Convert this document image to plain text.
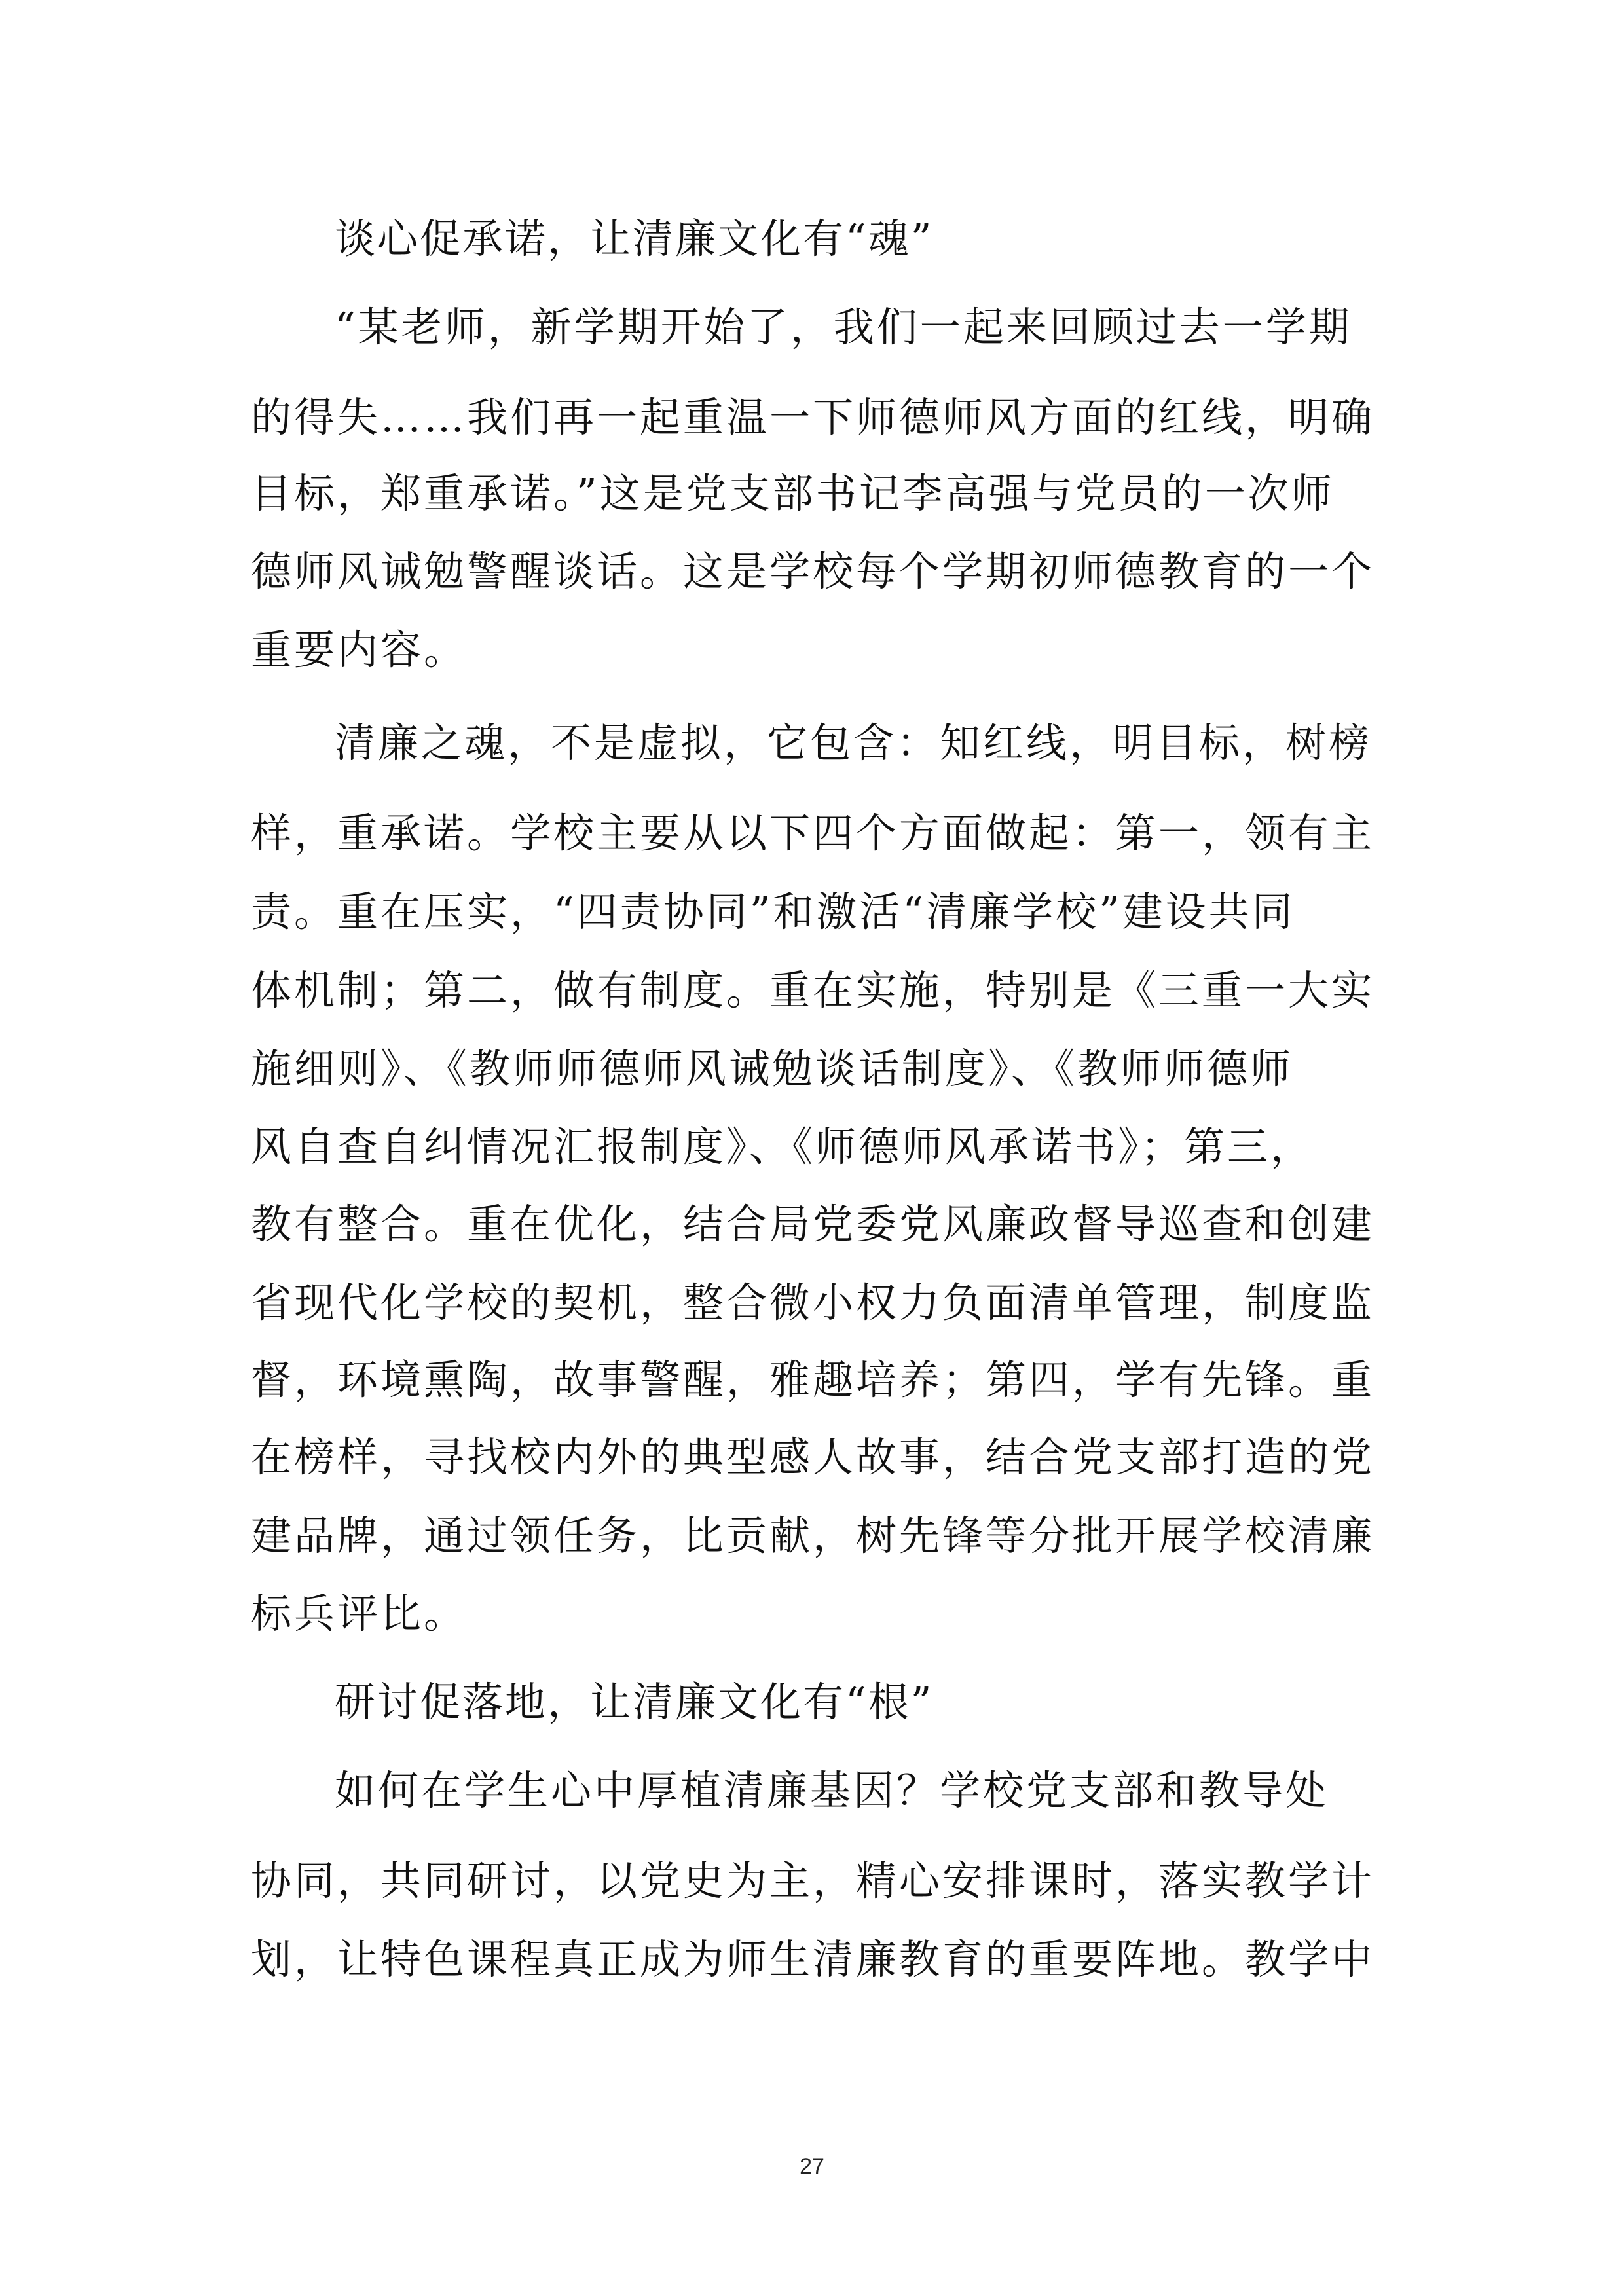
谈心促承诺，让清廉文化有“魂”

“某老师，新学期开始了，我们一起来回顾过去一学期

的得失……我们再一起重温一下师德师风方面的红线，明确

目标，郑重承诺。”这是党支部书记李高强与党员的一次师

德师风诫勉警醒谈话。这是学校每个学期初师德教育的一个

重要内容。

清廉之魂，不是虚拟，它包含：知红线，明目标，树榜

样，重承诺。学校主要从以下四个方面做起：第一，领有主

责。重在压实，“四责协同”和激活“清廉学校”建设共同

体机制；第二，做有制度。重在实施，特别是《三重一大实

施细则》、《教师师德师风诫勉谈话制度》、《教师师德师

风自查自纠情况汇报制度》、《师德师风承诺书》；第三，

教有整合。重在优化，结合局党委党风廉政督导巡查和创建

省现代化学校的契机，整合微小权力负面清单管理，制度监

督，环境熏陶，故事警醒，雅趣培养；第四，学有先锋。重

在榜样，寻找校内外的典型感人故事，结合党支部打造的党

建品牌，通过领任务，比贡献，树先锋等分批开展学校清廉

标兵评比。

研讨促落地，让清廉文化有“根”

如何在学生心中厚植清廉基因？学校党支部和教导处

协同，共同研讨，以党史为主，精心安排课时，落实教学计

划，让特色课程真正成为师生清廉教育的重要阵地。教学中

27
